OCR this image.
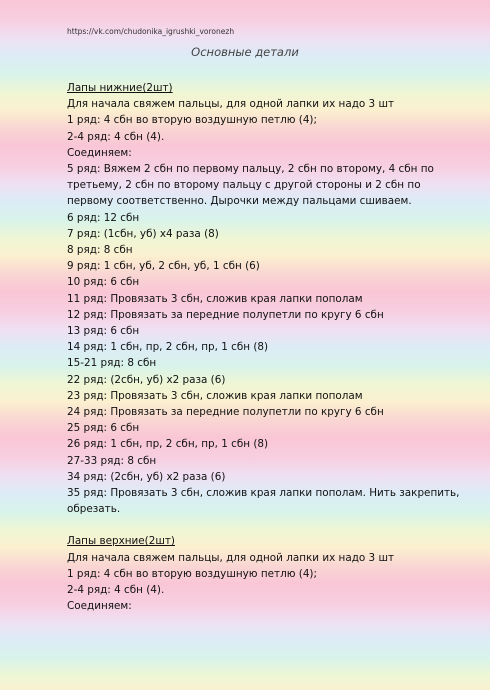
https://vk.com/chudonika_igrushki_voronezh
Основные детали
Лапы нижние(2шт)
Для начала свяжем пальцы, для одной лапки их надо 3 шт
1 ряд: 4 сбн во вторую воздушную петлю (4);
2-4 ряд: 4 сбн (4).
Соединяем:
5 ряд: Вяжем 2 сбн по первому пальцу, 2 сбн по второму, 4 сбн по третьему, 2 сбн по второму пальцу с другой стороны и 2 сбн по первому соответственно. Дырочки между пальцами сшиваем.
6 ряд: 12 сбн
7 ряд: (1сбн, уб) х4 раза (8)
8 ряд: 8 сбн
9 ряд: 1 сбн, уб, 2 сбн, уб, 1 сбн (6)
10 ряд: 6 сбн
11 ряд: Провязать 3 сбн, сложив края лапки пополам
12 ряд: Провязать за передние полупетли по кругу 6 сбн
13 ряд: 6 сбн
14 ряд: 1 сбн, пр, 2 сбн, пр, 1 сбн (8)
15-21 ряд: 8 сбн
22 ряд: (2сбн, уб) х2 раза (6)
23 ряд: Провязать 3 сбн, сложив края лапки пополам
24 ряд: Провязать за передние полупетли по кругу 6 сбн
25 ряд: 6 сбн
26 ряд: 1 сбн, пр, 2 сбн, пр, 1 сбн (8)
27-33 ряд: 8 сбн
34 ряд: (2сбн, уб) х2 раза (6)
35 ряд: Провязать 3 сбн, сложив края лапки пополам. Нить закрепить, обрезать.
Лапы верхние(2шт)
Для начала свяжем пальцы, для одной лапки их надо 3 шт
1 ряд: 4 сбн во вторую воздушную петлю (4);
2-4 ряд: 4 сбн (4).
Соединяем:
